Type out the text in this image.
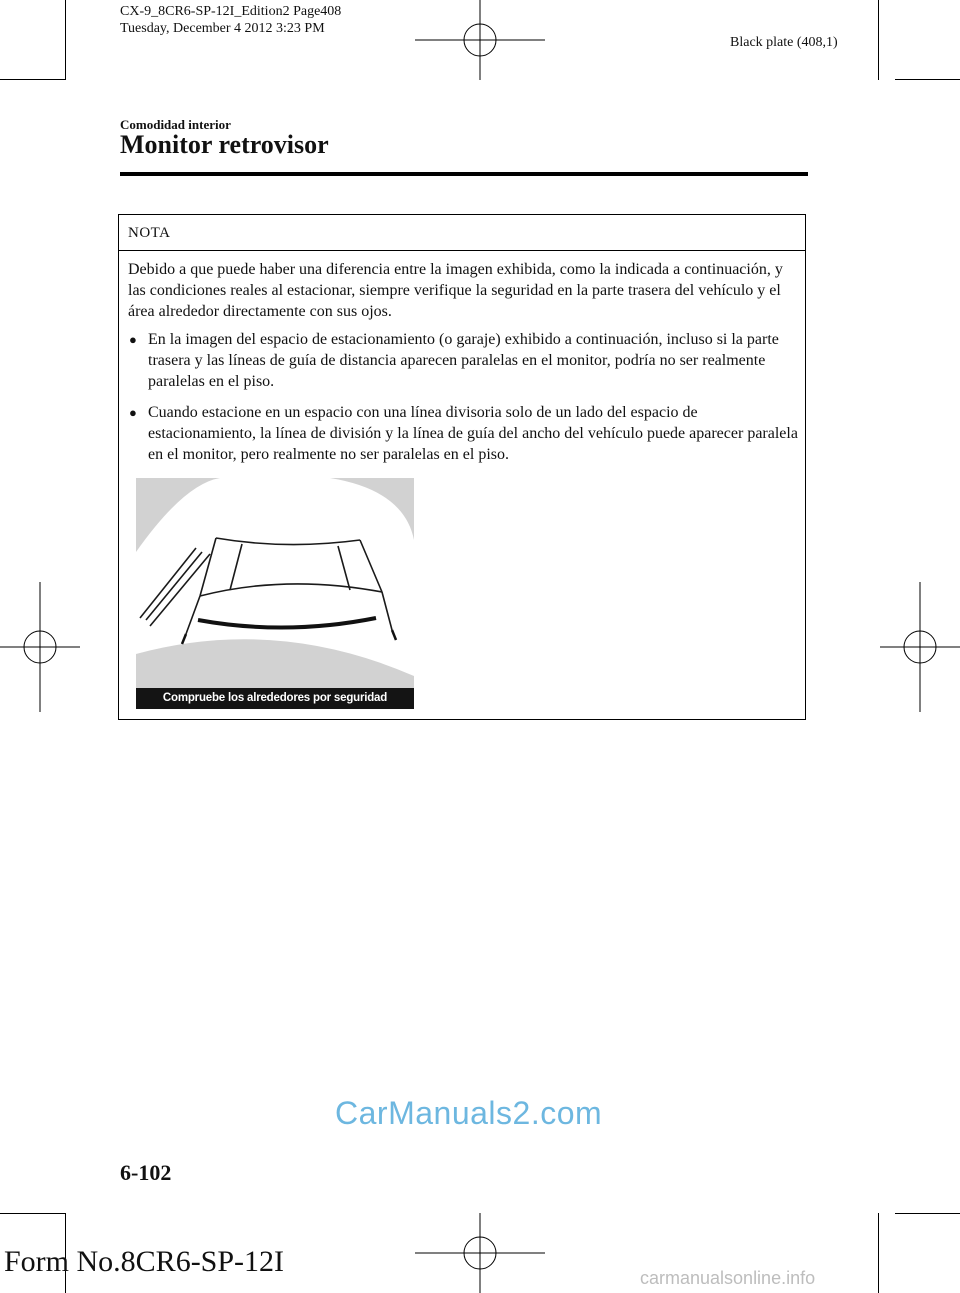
CX-9_8CR6-SP-12I_Edition2 Page408
Tuesday, December 4 2012 3:23 PM
Black plate (408,1)
Comodidad interior
Monitor retrovisor
NOTA
Debido a que puede haber una diferencia entre la imagen exhibida, como la indicada a continuación, y las condiciones reales al estacionar, siempre verifique la seguridad en la parte trasera del vehículo y el área alrededor directamente con sus ojos.
● En la imagen del espacio de estacionamiento (o garaje) exhibido a continuación, incluso si la parte trasera y las líneas de guía de distancia aparecen paralelas en el monitor, podría no ser realmente paralelas en el piso.
● Cuando estacione en un espacio con una línea divisoria solo de un lado del espacio de estacionamiento, la línea de división y la línea de guía del ancho del vehículo puede aparecer paralela en el monitor, pero realmente no ser paralelas en el piso.
Compruebe los alrededores por seguridad
CarManuals2.com
6-102
Form No.8CR6-SP-12I	carmanualsonline.info
